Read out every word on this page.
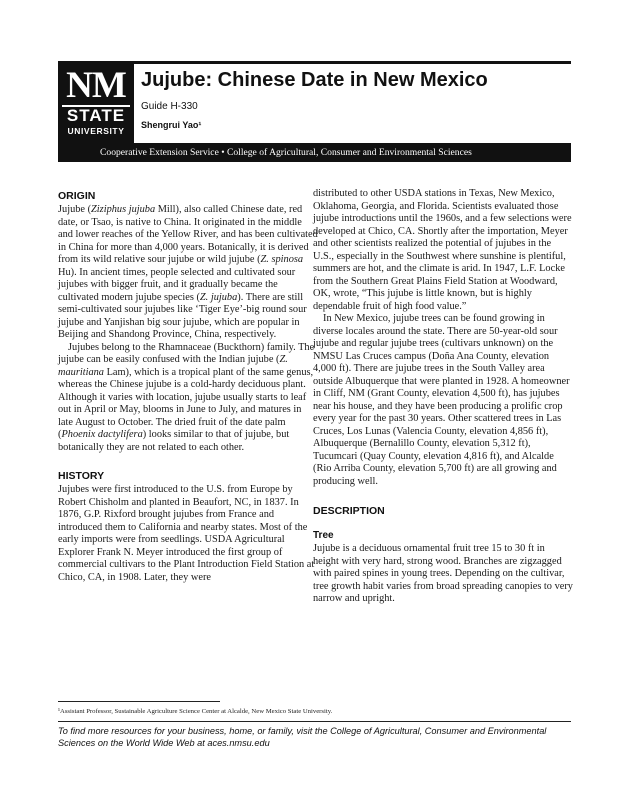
NM
STATE
UNIVERSITY
Jujube: Chinese Date in New Mexico
Guide H-330
Shengrui Yao¹
Cooperative Extension Service • College of Agricultural, Consumer and Environmental Sciences
ORIGIN

Jujube (Ziziphus jujuba Mill), also called Chinese date, red date, or Tsao, is native to China. It originated in the middle and lower reaches of the Yellow River, and has been cultivated in China for more than 4,000 years. Botanically, it is derived from its wild relative sour jujube or wild jujube (Z. spinosa Hu). In ancient times, people selected and cultivated sour jujubes with bigger fruit, and it gradually became the cultivated modern jujube species (Z. jujuba). There are still semi-cultivated sour jujubes like ‘Tiger Eye’-big round sour jujube and Yanjishan big sour jujube, which are popular in Beijing and Shandong Province, China, respectively.

Jujubes belong to the Rhamnaceae (Buckthorn) family. The jujube can be easily confused with the Indian jujube (Z. mauritiana Lam), which is a tropical plant of the same genus, whereas the Chinese jujube is a cold-hardy deciduous plant. Although it varies with location, jujube usually starts to leaf out in April or May, blooms in June to July, and matures in late August to October. The dried fruit of the date palm (Phoenix dactylifera) looks similar to that of jujube, but botanically they are not related to each other.

HISTORY

Jujubes were first introduced to the U.S. from Europe by Robert Chisholm and planted in Beaufort, NC, in 1837. In 1876, G.P. Rixford brought jujubes from France and introduced them to California and nearby states. Most of the early imports were from seedlings. USDA Agricultural Explorer Frank N. Meyer introduced the first group of commercial cultivars to the Plant Introduction Field Station at Chico, CA, in 1908. Later, they were

distributed to other USDA stations in Texas, New Mexico, Oklahoma, Georgia, and Florida. Scientists evaluated those jujube introductions until the 1960s, and a few selections were developed at Chico, CA. Shortly after the importation, Meyer and other scientists realized the potential of jujubes in the U.S., especially in the Southwest where sunshine is plentiful, summers are hot, and the climate is arid. In 1947, L.F. Locke from the Southern Great Plains Field Station at Woodward, OK, wrote, “This jujube is little known, but is highly dependable fruit of high food value.”

In New Mexico, jujube trees can be found growing in diverse locales around the state. There are 50-year-old sour jujube and regular jujube trees (cultivars unknown) on the NMSU Las Cruces campus (Doña Ana County, elevation 4,000 ft). There are jujube trees in the South Valley area outside Albuquerque that were planted in 1928. A homeowner in Cliff, NM (Grant County, elevation 4,500 ft), has jujubes near his house, and they have been producing a prolific crop every year for the past 30 years. Other scattered trees in Las Cruces, Los Lunas (Valencia County, elevation 4,856 ft), Albuquerque (Bernalillo County, elevation 5,312 ft), Tucumcari (Quay County, elevation 4,816 ft), and Alcalde (Rio Arriba County, elevation 5,700 ft) are all growing and producing well.

DESCRIPTION
Tree

Jujube is a deciduous ornamental fruit tree 15 to 30 ft in height with very hard, strong wood. Branches are zigzagged with paired spines in young trees. Depending on the cultivar, tree growth habit varies from broad spreading canopies to very narrow and upright.

¹Assistant Professor, Sustainable Agriculture Science Center at Alcalde, New Mexico State University.
To find more resources for your business, home, or family, visit the College of Agricultural, Consumer and Environmental Sciences on the World Wide Web at aces.nmsu.edu
